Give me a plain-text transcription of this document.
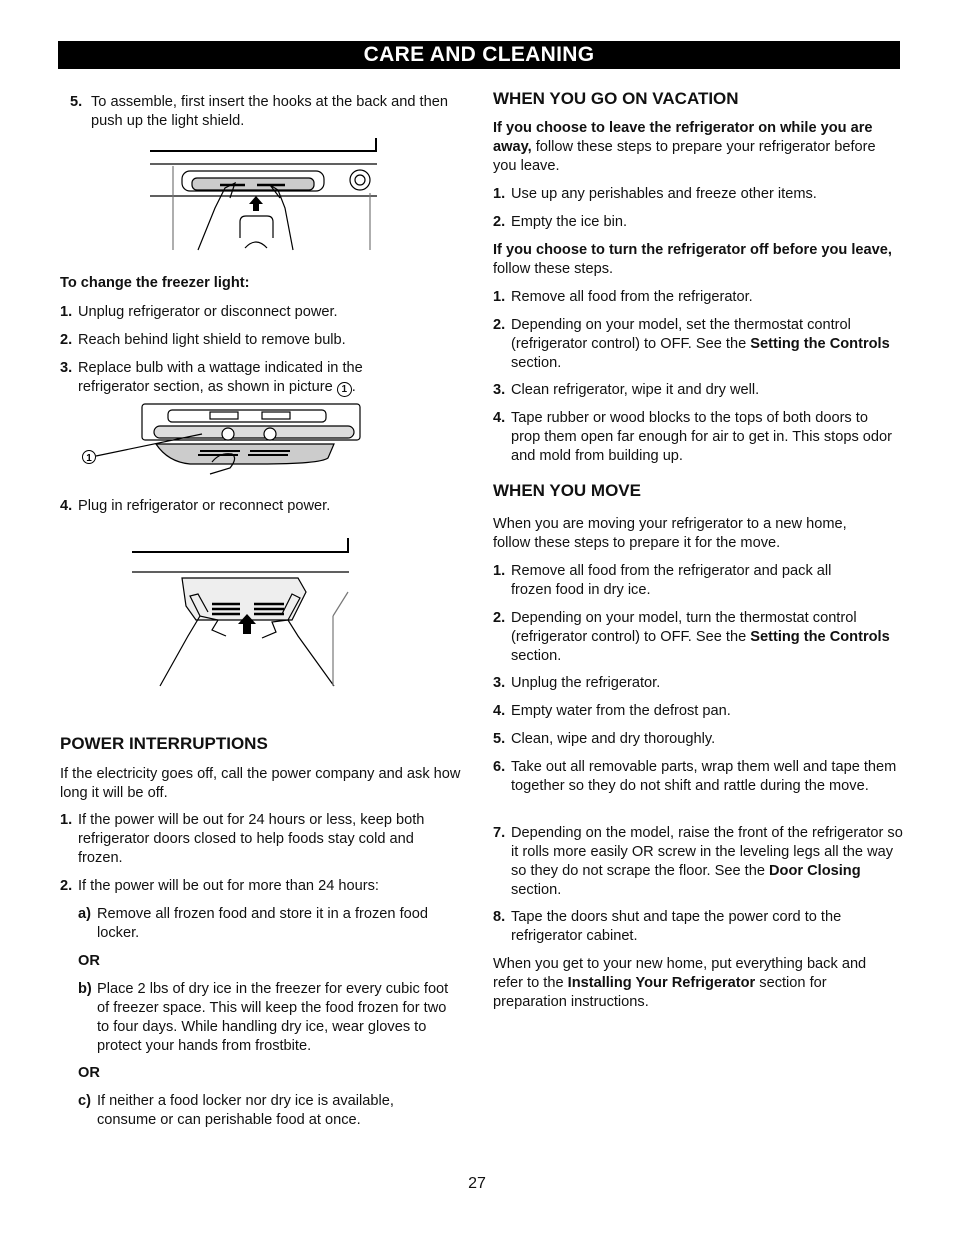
CARE AND CLEANING
5. To assemble, first insert the hooks at the back and then push up the light shield.
To change the freezer light:
1. Unplug refrigerator or disconnect power.
2. Reach behind light shield to remove bulb.
3. Replace bulb with a wattage indicated in the refrigerator section, as shown in picture 1 .
1
4. Plug in refrigerator or reconnect power.
POWER INTERRUPTIONS
If the electricity goes off, call the power company and ask how long it will be off.
1. If the power will be out for 24 hours or less, keep both refrigerator doors closed to help foods stay cold and frozen.
2. If the power will be out for more than 24 hours:
a) Remove all frozen food and store it in a frozen food locker.
OR
b) Place 2 lbs of dry ice in the freezer for every cubic foot of freezer space. This will keep the food frozen for two to four days. While handling dry ice, wear gloves to protect your hands from frostbite.
OR
c) If neither a food locker nor dry ice is available, consume or can perishable food at once.
WHEN YOU GO ON VACATION
If you choose to leave the refrigerator on while you are away, follow these steps to prepare your refrigerator before you leave.
1. Use up any perishables and freeze other items.
2. Empty the ice bin.
If you choose to turn the refrigerator off before you leave, follow these steps.
1. Remove all food from the refrigerator.
2. Depending on your model, set the thermostat control (refrigerator control) to OFF. See the Setting the Controls section.
3. Clean refrigerator, wipe it and dry well.
4. Tape rubber or wood blocks to the tops of both doors to prop them open far enough for air to get in. This stops odor and mold from building up.
WHEN YOU MOVE
When you are moving your refrigerator to a new home, follow these steps to prepare it for the move.
1. Remove all food from the refrigerator and pack all frozen food in dry ice.
2. Depending on your model, turn the thermostat control (refrigerator control) to OFF. See the Setting the Controls section.
3. Unplug the refrigerator.
4. Empty water from the defrost pan.
5. Clean, wipe and dry thoroughly.
6. Take out all removable parts, wrap them well and tape them together so they do not shift and rattle during the move.
7. Depending on the model, raise the front of the refrigerator so it rolls more easily OR screw in the leveling legs all the way so they do not scrape the floor. See the Door Closing section.
8. Tape the doors shut and tape the power cord to the refrigerator cabinet.
When you get to your new home, put everything back and refer to the Installing Your Refrigerator section for preparation instructions.
27
